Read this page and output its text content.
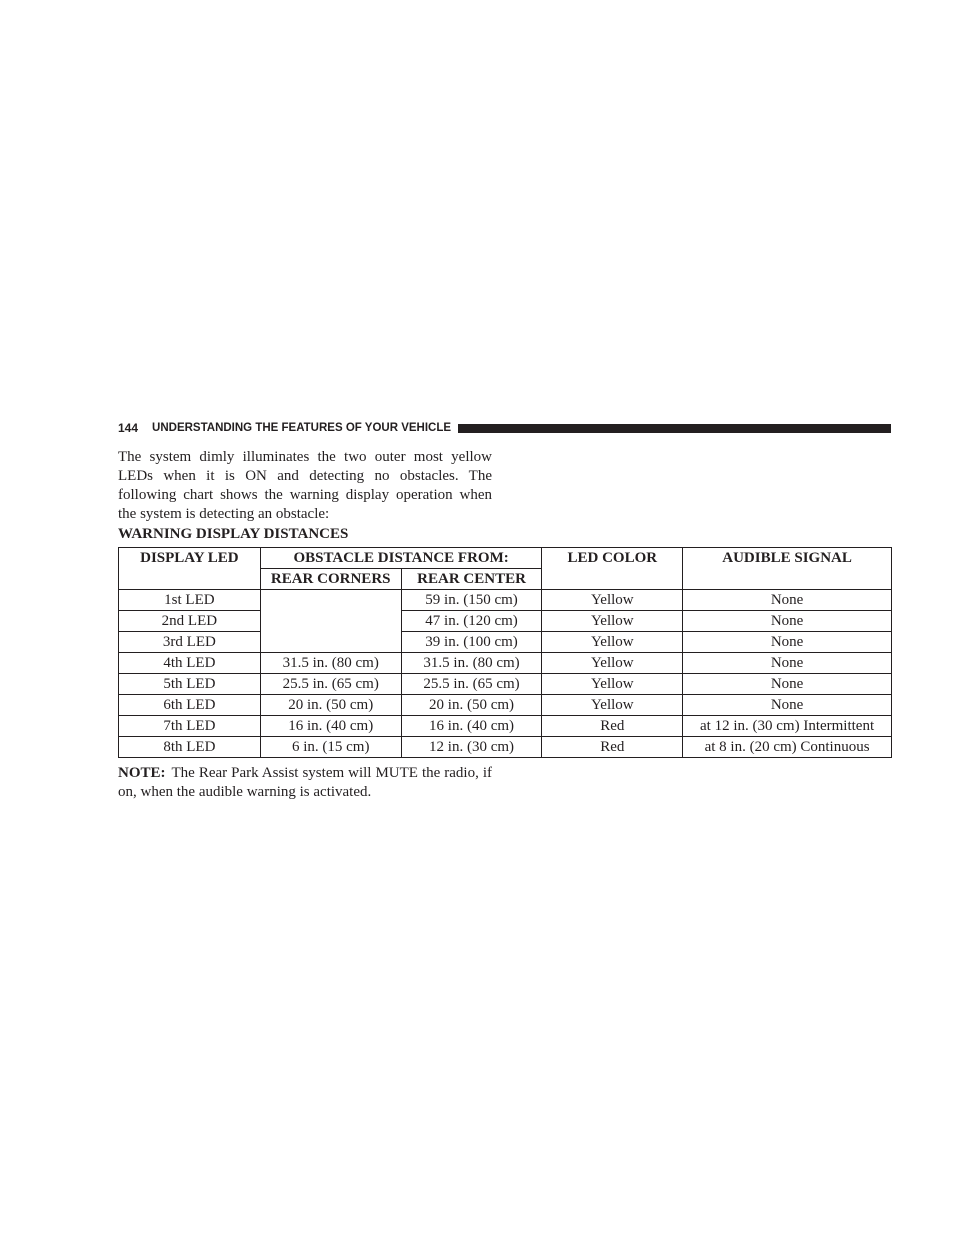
144 UNDERSTANDING THE FEATURES OF YOUR VEHICLE

The system dimly illuminates the two outer most yellow LEDs when it is ON and detecting no obstacles. The following chart shows the warning display operation when the system is detecting an obstacle:

WARNING DISPLAY DISTANCES

DISPLAY LED	OBSTACLE DISTANCE FROM:		LED COLOR	AUDIBLE SIGNAL
	REAR CORNERS	REAR CENTER		
1st LED		59 in. (150 cm)	Yellow	None
2nd LED		47 in. (120 cm)	Yellow	None
3rd LED		39 in. (100 cm)	Yellow	None
4th LED	31.5 in. (80 cm)	31.5 in. (80 cm)	Yellow	None
5th LED	25.5 in. (65 cm)	25.5 in. (65 cm)	Yellow	None
6th LED	20 in. (50 cm)	20 in. (50 cm)	Yellow	None
7th LED	16 in. (40 cm)	16 in. (40 cm)	Red	at 12 in. (30 cm) Intermittent
8th LED	6 in. (15 cm)	12 in. (30 cm)	Red	at 8 in. (20 cm) Continuous

NOTE: The Rear Park Assist system will MUTE the radio, if on, when the audible warning is activated.
